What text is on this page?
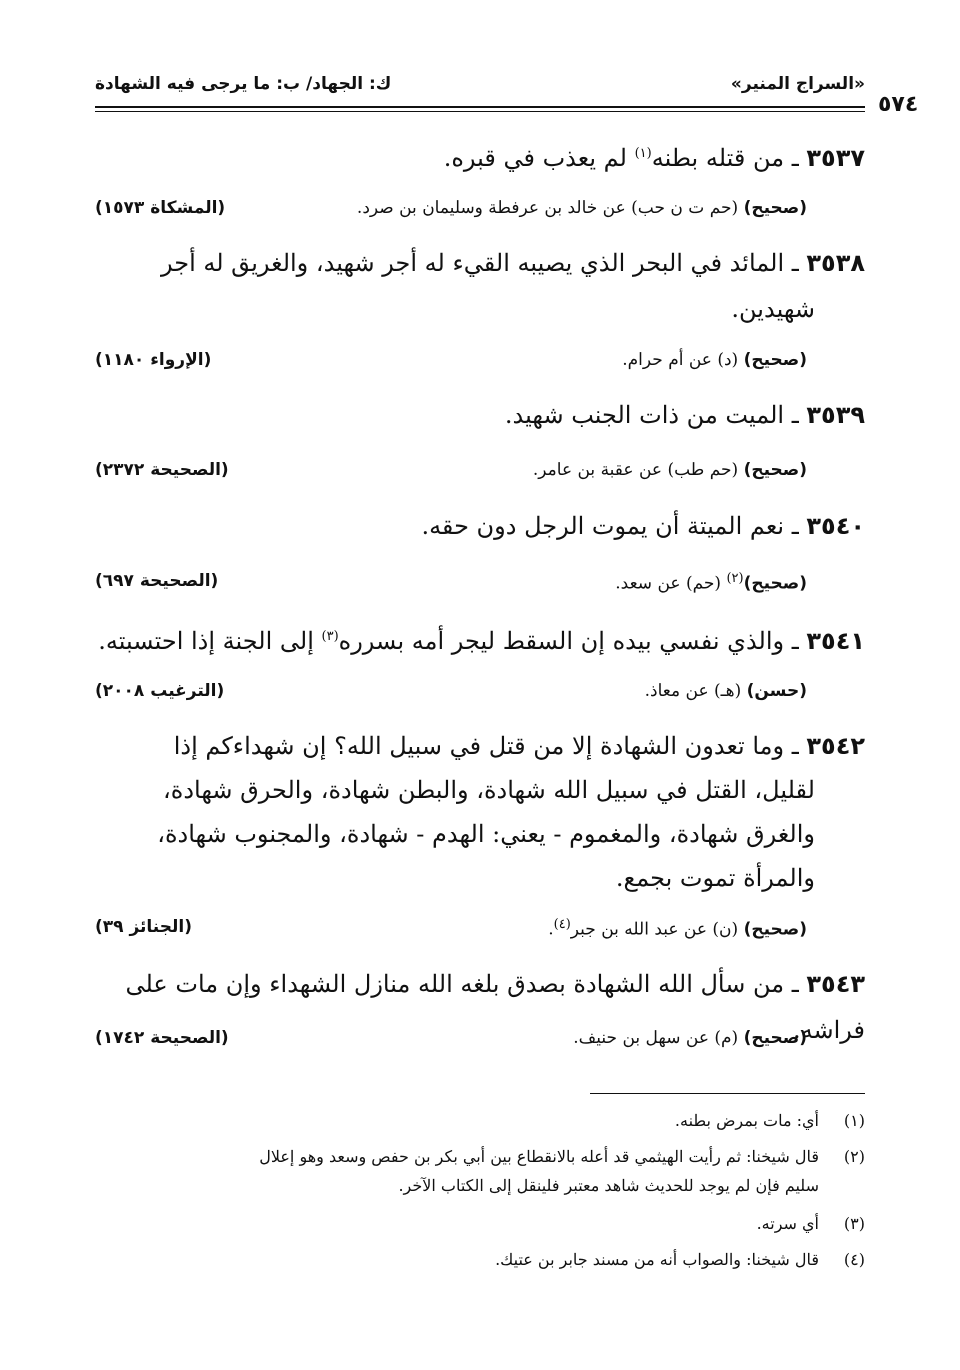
«السراج المنير»
ك: الجهاد/ ب: ما يرجى فيه الشهادة
٥٧٤
٣٥٣٧ ـ من قتله بطنه$^{(١)}$ لم يعذب في قبره.
(صحيح) (حم ت ن حب) عن خالد بن عرفطة وسليمان بن صرد.
(المشكاة ١٥٧٣)
٣٥٣٨ ـ المائد في البحر الذي يصيبه القيء له أجر شهيد، والغريق له أجر
شهيدين.
(صحيح) (د) عن أم حرام.
(الإرواء ١١٨٠)
٣٥٣٩ ـ الميت من ذات الجنب شهيد.
(صحيح) (حم طب) عن عقبة بن عامر.
(الصحيحة ٢٣٧٢)
٣٥٤٠ ـ نعم الميتة أن يموت الرجل دون حقه.
(صحيح)$^{(٢)}$ (حم) عن سعد.
(الصحيحة ٦٩٧)
٣٥٤١ ـ والذي نفسي بيده إن السقط ليجر أمه بسرره$^{(٣)}$ إلى الجنة إذا احتسبته.
(حسن) (هـ) عن معاذ.
(الترغيب ٢٠٠٨)
٣٥٤٢ ـ وما تعدون الشهادة إلا من قتل في سبيل الله؟ إن شهداءكم إذا
لقليل، القتل في سبيل الله شهادة، والبطن شهادة، والحرق شهادة،
والغرق شهادة، والمغموم - يعني: الهدم - شهادة، والمجنوب شهادة،
والمرأة تموت بجمع.
(صحيح) (ن) عن عبد الله بن جبر$^{(٤)}$.
(الجنائز ٣٩)
٣٥٤٣ ـ من سأل الله الشهادة بصدق بلغه الله منازل الشهداء وإن مات على فراشه.
(صحيح) (م) عن سهل بن حنيف.
(الصحيحة ١٧٤٢)
(١)أي: مات بمرض بطنه.
(٢)قال شيخنا: ثم رأيت الهيثمي قد أعله بالانقطاع بين أبي بكر بن حفص وسعد وهو إعلال
سليم فإن لم يوجد للحديث شاهد معتبر فلينقل إلى الكتاب الآخر.
(٣)أي سرته.
(٤)قال شيخنا: والصواب أنه من مسند جابر بن عتيك.
